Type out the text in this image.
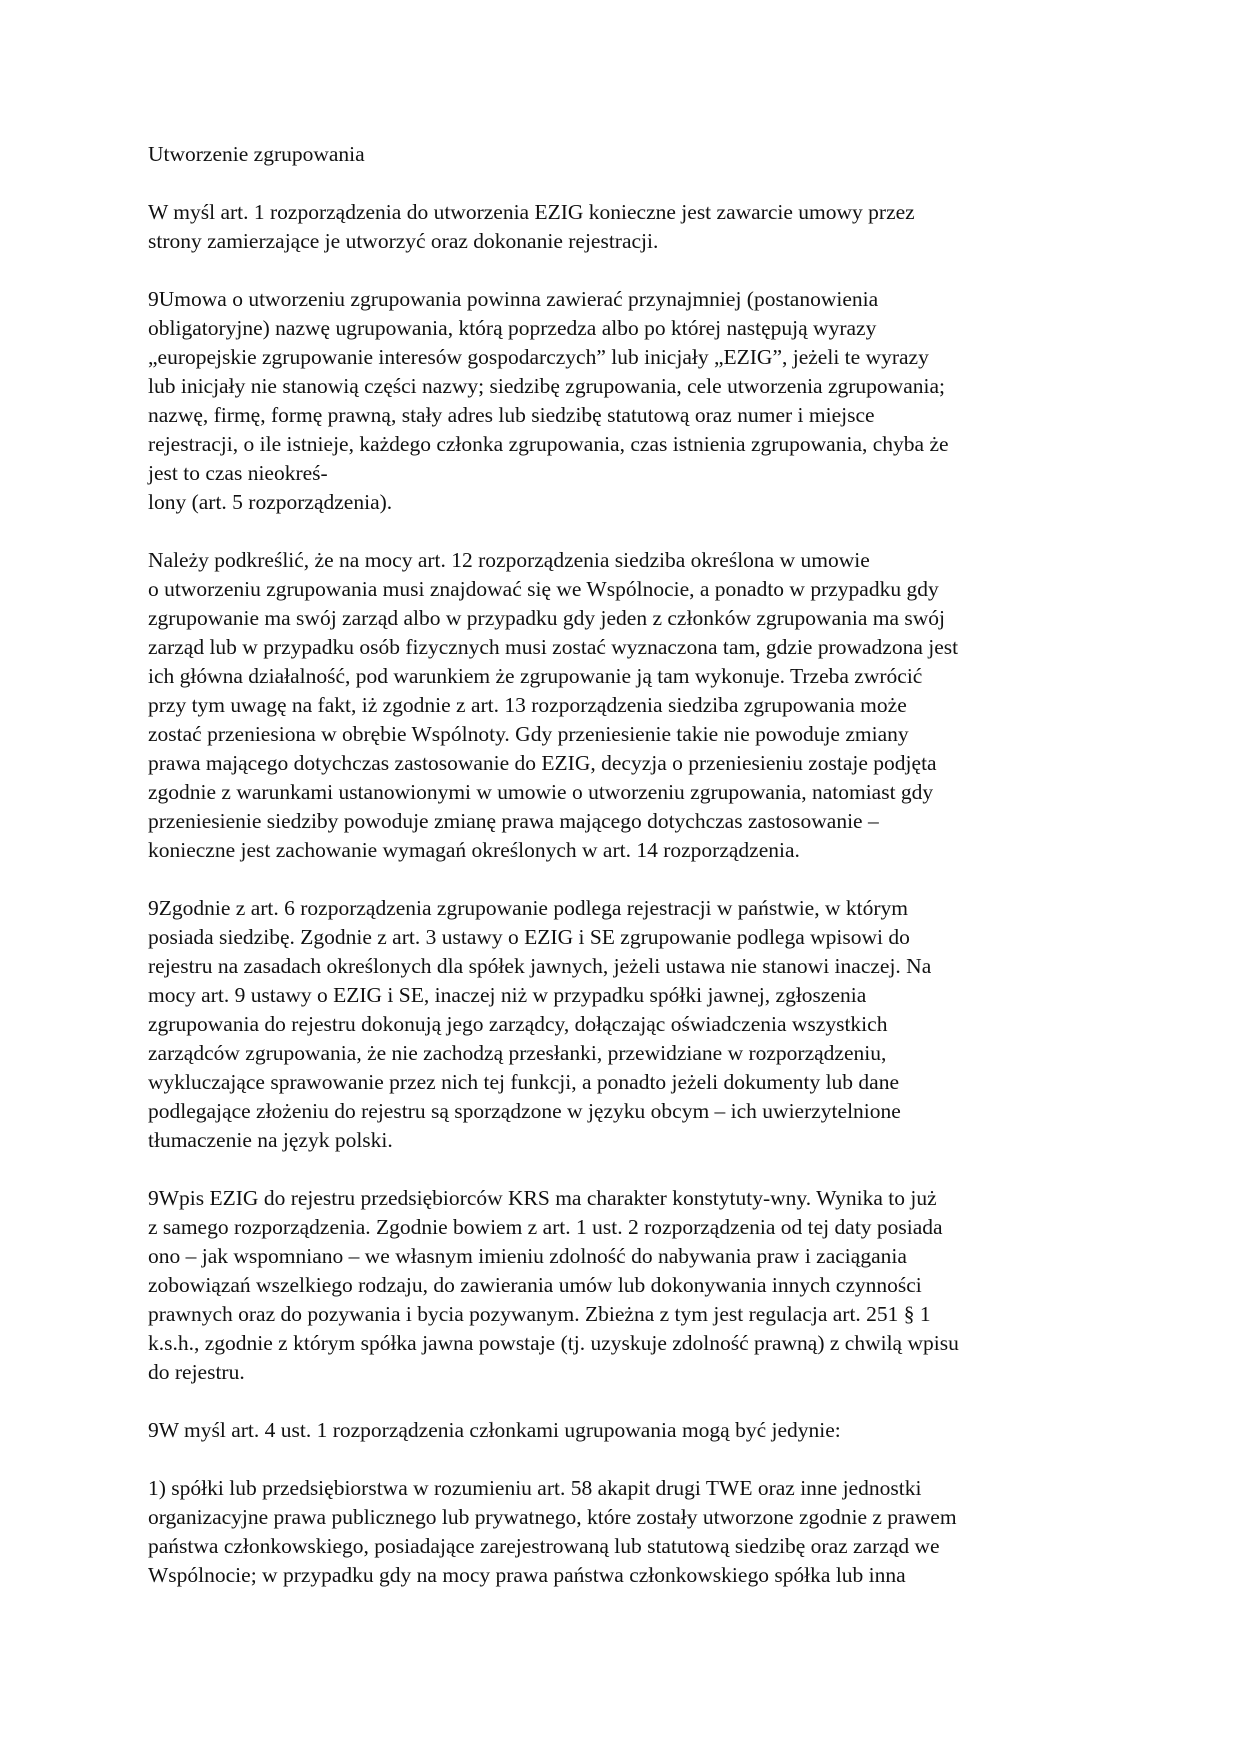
Utworzenie zgrupowania

W myśl art. 1 rozporządzenia do utworzenia EZIG konieczne jest zawarcie umowy przez
strony zamierzające je utworzyć oraz dokonanie rejestracji.

9Umowa o utworzeniu zgrupowania powinna zawierać przynajmniej (postanowienia
obligatoryjne) nazwę ugrupowania, którą poprzedza albo po której następują wyrazy
„europejskie zgrupowanie interesów gospodarczych” lub inicjały „EZIG”, jeżeli te wyrazy
lub inicjały nie stanowią części nazwy; siedzibę zgrupowania, cele utworzenia zgrupowania;
nazwę, firmę, formę prawną, stały adres lub siedzibę statutową oraz numer i miejsce
rejestracji, o ile istnieje, każdego członka zgrupowania, czas istnienia zgrupowania, chyba że
jest to czas nieokreś-
lony (art. 5 rozporządzenia).

Należy podkreślić, że na mocy art. 12 rozporządzenia siedziba określona w umowie
o utworzeniu zgrupowania musi znajdować się we Wspólnocie, a ponadto w przypadku gdy
zgrupowanie ma swój zarząd albo w przypadku gdy jeden z członków zgrupowania ma swój
zarząd lub w przypadku osób fizycznych musi zostać wyznaczona tam, gdzie prowadzona jest
ich główna działalność, pod warunkiem że zgrupowanie ją tam wykonuje. Trzeba zwrócić
przy tym uwagę na fakt, iż zgodnie z art. 13 rozporządzenia siedziba zgrupowania może
zostać przeniesiona w obrębie Wspólnoty. Gdy przeniesienie takie nie powoduje zmiany
prawa mającego dotychczas zastosowanie do EZIG, decyzja o przeniesieniu zostaje podjęta
zgodnie z warunkami ustanowionymi w umowie o utworzeniu zgrupowania, natomiast gdy
przeniesienie siedziby powoduje zmianę prawa mającego dotychczas zastosowanie –
konieczne jest zachowanie wymagań określonych w art. 14 rozporządzenia.

9Zgodnie z art. 6 rozporządzenia zgrupowanie podlega rejestracji w państwie, w którym
posiada siedzibę. Zgodnie z art. 3 ustawy o EZIG i SE zgrupowanie podlega wpisowi do
rejestru na zasadach określonych dla spółek jawnych, jeżeli ustawa nie stanowi inaczej. Na
mocy art. 9 ustawy o EZIG i SE, inaczej niż w przypadku spółki jawnej, zgłoszenia
zgrupowania do rejestru dokonują jego zarządcy, dołączając oświadczenia wszystkich
zarządców zgrupowania, że nie zachodzą przesłanki, przewidziane w rozporządzeniu,
wykluczające sprawowanie przez nich tej funkcji, a ponadto jeżeli dokumenty lub dane
podlegające złożeniu do rejestru są sporządzone w języku obcym – ich uwierzytelnione
tłumaczenie na język polski.

9Wpis EZIG do rejestru przedsiębiorców KRS ma charakter konstytuty-wny. Wynika to już
z samego rozporządzenia. Zgodnie bowiem z art. 1 ust. 2 rozporządzenia od tej daty posiada
ono – jak wspomniano – we własnym imieniu zdolność do nabywania praw i zaciągania
zobowiązań wszelkiego rodzaju, do zawierania umów lub dokonywania innych czynności
prawnych oraz do pozywania i bycia pozywanym. Zbieżna z tym jest regulacja art. 251 § 1
k.s.h., zgodnie z którym spółka jawna powstaje (tj. uzyskuje zdolność prawną) z chwilą wpisu
do rejestru.

9W myśl art. 4 ust. 1 rozporządzenia członkami ugrupowania mogą być jedynie:

1) spółki lub przedsiębiorstwa w rozumieniu art. 58 akapit drugi TWE oraz inne jednostki
organizacyjne prawa publicznego lub prywatnego, które zostały utworzone zgodnie z prawem
państwa członkowskiego, posiadające zarejestrowaną lub statutową siedzibę oraz zarząd we
Wspólnocie; w przypadku gdy na mocy prawa państwa członkowskiego spółka lub inna
